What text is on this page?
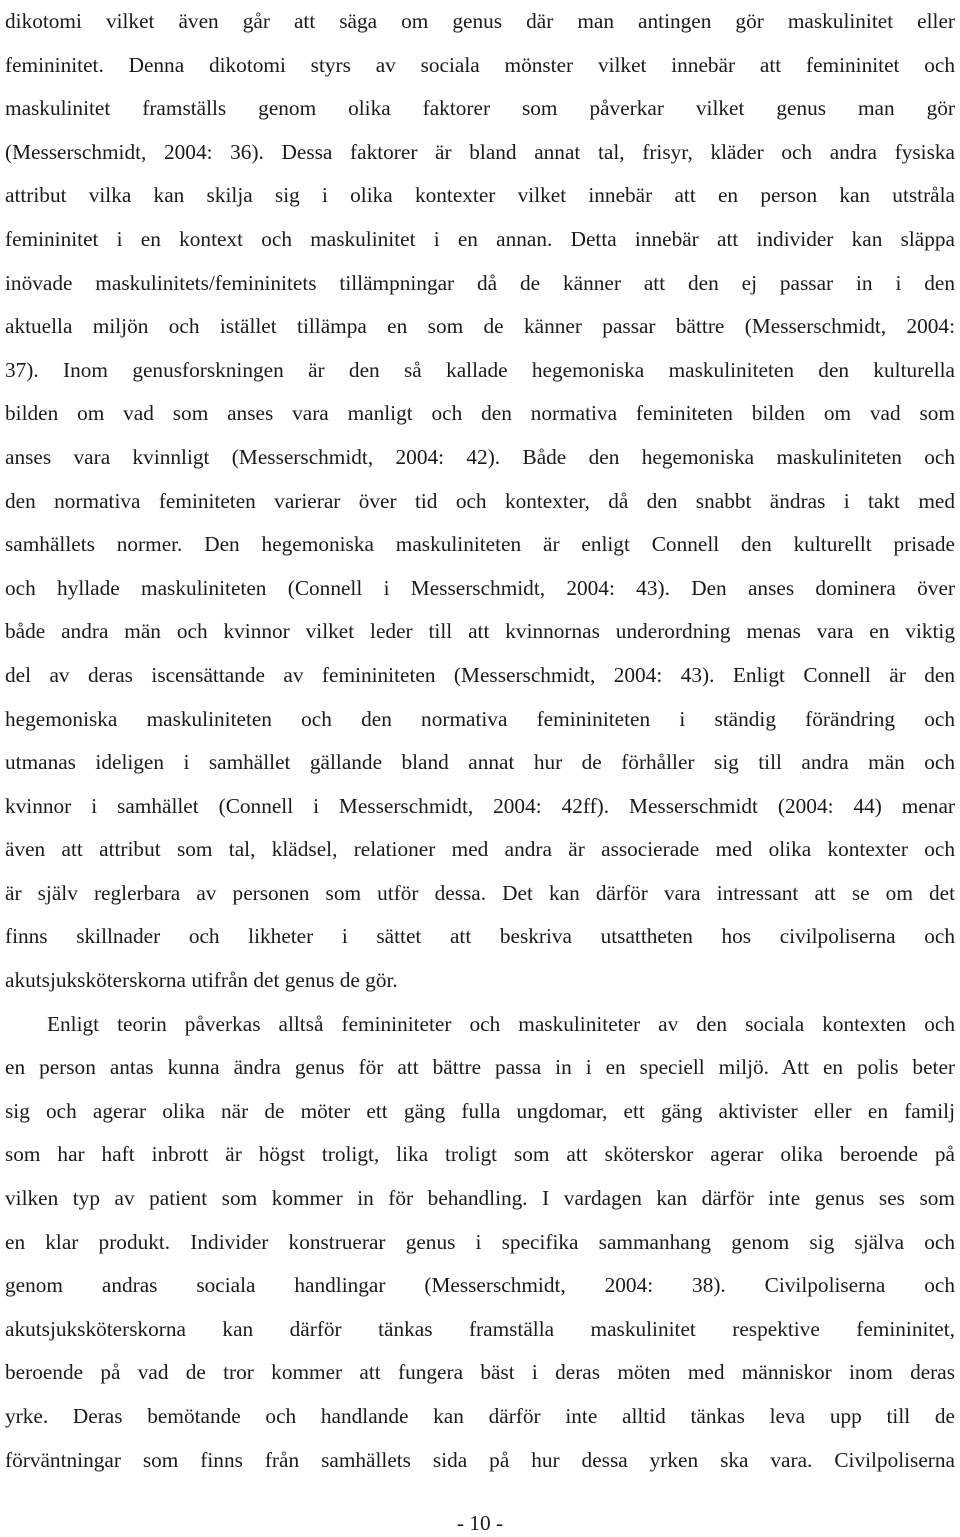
dikotomi vilket även går att säga om genus där man antingen gör maskulinitet eller
femininitet. Denna dikotomi styrs av sociala mönster vilket innebär att femininitet och
maskulinitet framställs genom olika faktorer som påverkar vilket genus man gör
(Messerschmidt, 2004: 36). Dessa faktorer är bland annat tal, frisyr, kläder och andra fysiska
attribut vilka kan skilja sig i olika kontexter vilket innebär att en person kan utstråla
femininitet i en kontext och maskulinitet i en annan. Detta innebär att individer kan släppa
inövade maskulinitets/femininitets tillämpningar då de känner att den ej passar in i den
aktuella miljön och istället tillämpa en som de känner passar bättre (Messerschmidt, 2004:
37). Inom genusforskningen är den så kallade hegemoniska maskuliniteten den kulturella
bilden om vad som anses vara manligt och den normativa feminiteten bilden om vad som
anses vara kvinnligt (Messerschmidt, 2004: 42). Både den hegemoniska maskuliniteten och
den normativa feminiteten varierar över tid och kontexter, då den snabbt ändras i takt med
samhällets normer. Den hegemoniska maskuliniteten är enligt Connell den kulturellt prisade
och hyllade maskuliniteten (Connell i Messerschmidt, 2004: 43). Den anses dominera över
både andra män och kvinnor vilket leder till att kvinnornas underordning menas vara en viktig
del av deras iscensättande av femininiteten (Messerschmidt, 2004: 43). Enligt Connell är den
hegemoniska maskuliniteten och den normativa femininiteten i ständig förändring och
utmanas ideligen i samhället gällande bland annat hur de förhåller sig till andra män och
kvinnor i samhället (Connell i Messerschmidt, 2004: 42ff). Messerschmidt (2004: 44) menar
även att attribut som tal, klädsel, relationer med andra är associerade med olika kontexter och
är själv reglerbara av personen som utför dessa. Det kan därför vara intressant att se om det
finns skillnader och likheter i sättet att beskriva utsattheten hos civilpoliserna och
akutsjuksköterskorna utifrån det genus de gör.
Enligt teorin påverkas alltså femininiteter och maskuliniteter av den sociala kontexten och
en person antas kunna ändra genus för att bättre passa in i en speciell miljö. Att en polis beter
sig och agerar olika när de möter ett gäng fulla ungdomar, ett gäng aktivister eller en familj
som har haft inbrott är högst troligt, lika troligt som att sköterskor agerar olika beroende på
vilken typ av patient som kommer in för behandling. I vardagen kan därför inte genus ses som
en klar produkt. Individer konstruerar genus i specifika sammanhang genom sig själva och
genom andras sociala handlingar (Messerschmidt, 2004: 38). Civilpoliserna och
akutsjuksköterskorna kan därför tänkas framställa maskulinitet respektive femininitet,
beroende på vad de tror kommer att fungera bäst i deras möten med människor inom deras
yrke. Deras bemötande och handlande kan därför inte alltid tänkas leva upp till de
förväntningar som finns från samhällets sida på hur dessa yrken ska vara. Civilpoliserna
- 10 -
